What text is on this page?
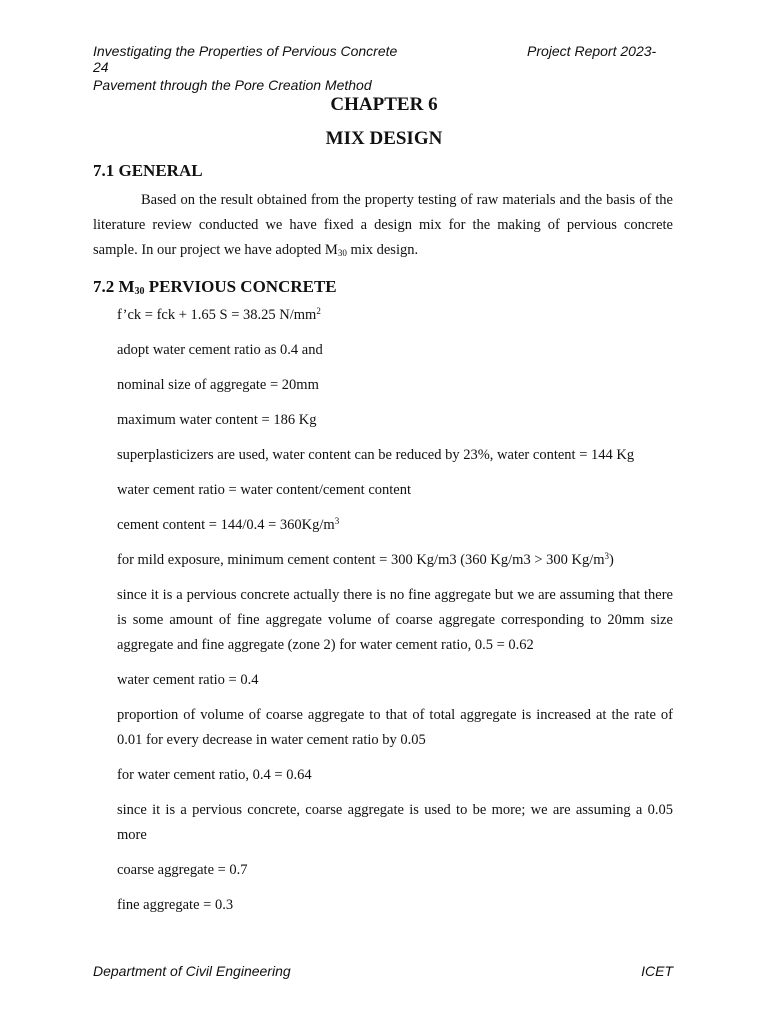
Investigating the Properties of Pervious Concrete	Project Report 2023-
24
Pavement through the Pore Creation Method
CHAPTER 6
MIX DESIGN
7.1 GENERAL
Based on the result obtained from the property testing of raw materials and the basis of the literature review conducted we have fixed a design mix for the making of pervious concrete sample. In our project we have adopted $M_{30}$ mix design.
7.2 $M_{30}$ PERVIOUS CONCRETE
f’ck = fck + 1.65 S = 38.25 $N/mm^2$
adopt water cement ratio as 0.4 and
nominal size of aggregate = 20mm
maximum water content = 186 Kg
superplasticizers are used, water content can be reduced by 23%, water content = 144 Kg
water cement ratio = water content/cement content
cement content = $144/0.4 = 360Kg/m^3$
for mild exposure, minimum cement content = 300 Kg/m3 (360 Kg/m3 > 300 $Kg/m^3$)
since it is a pervious concrete actually there is no fine aggregate but we are assuming that there is some amount of fine aggregate volume of coarse aggregate corresponding to 20mm size aggregate and fine aggregate (zone 2) for water cement ratio, 0.5 = 0.62
water cement ratio = 0.4
proportion of volume of coarse aggregate to that of total aggregate is increased at the rate of 0.01 for every decrease in water cement ratio by 0.05
for water cement ratio, 0.4 = 0.64
since it is a pervious concrete, coarse aggregate is used to be more; we are assuming a 0.05 more
coarse aggregate = 0.7
fine aggregate = 0.3
Department of Civil Engineering	ICET
